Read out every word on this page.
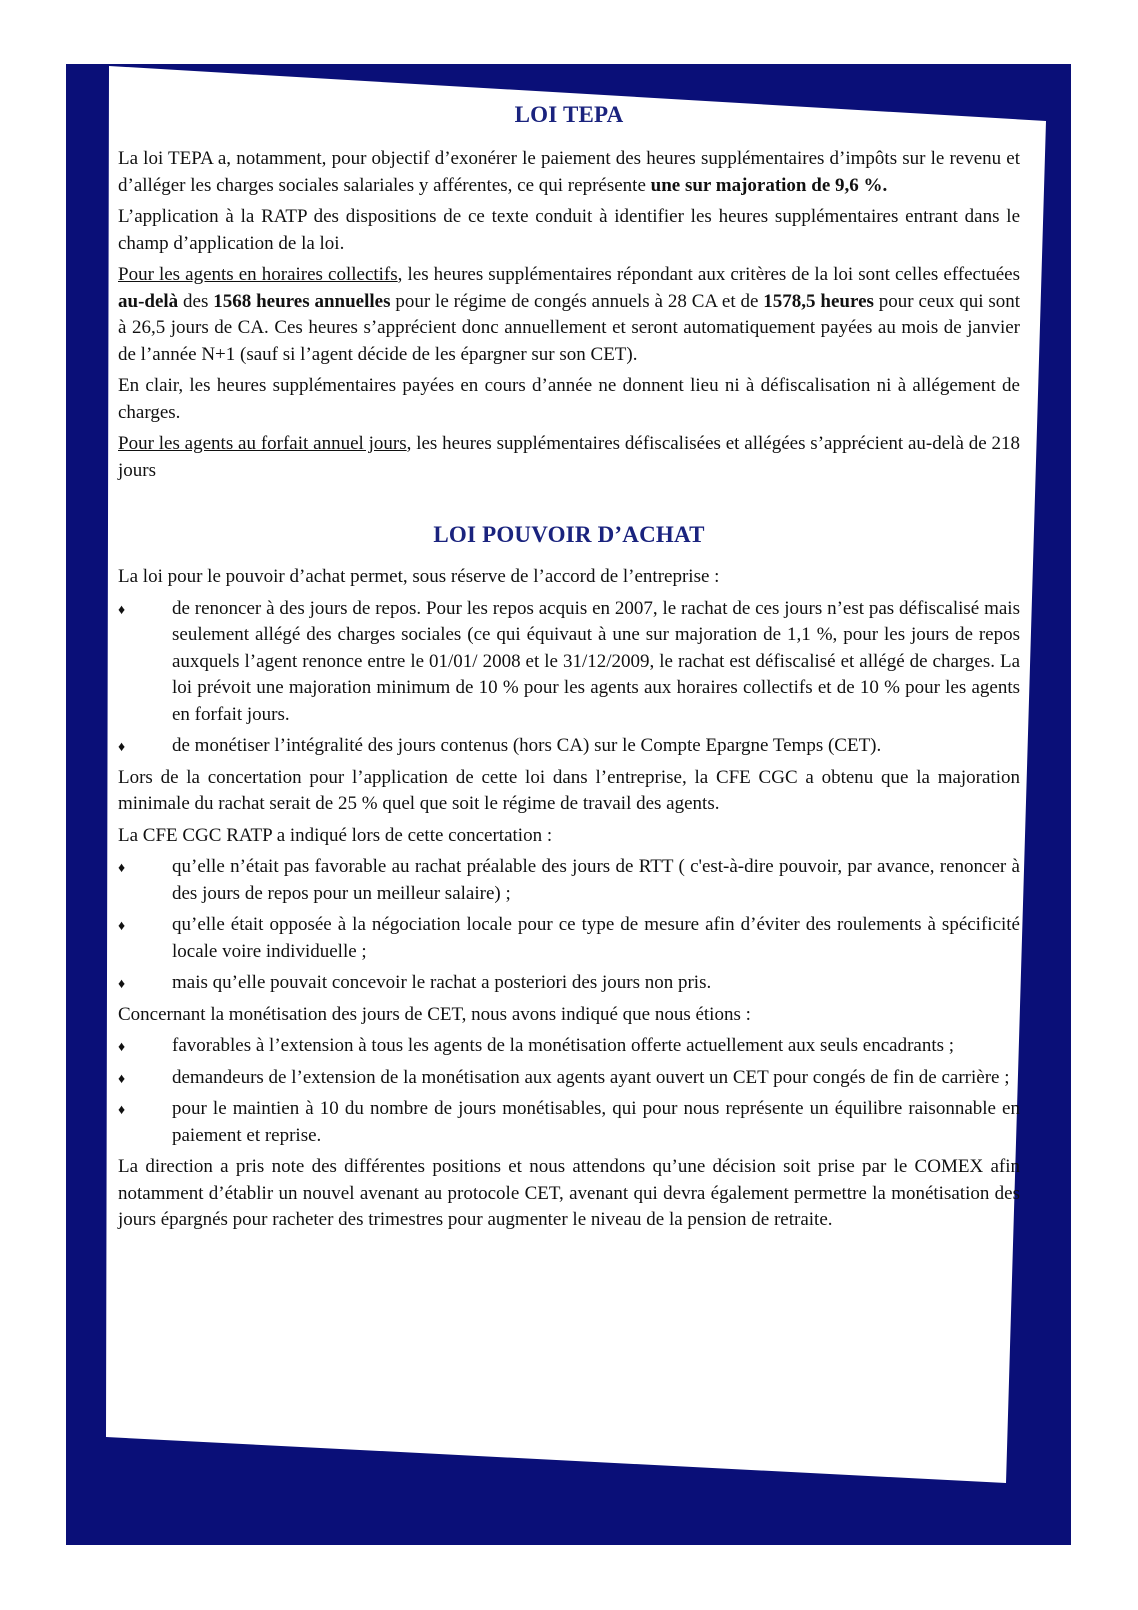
LOI TEPA

La loi TEPA a, notamment, pour objectif d’exonérer le paiement des heures supplémentaires d’impôts sur le revenu et d’alléger les charges sociales salariales y afférentes, ce qui représente une sur majoration de 9,6 %.

L’application à la RATP des dispositions de ce texte conduit à identifier les heures supplémentaires entrant dans le champ d’application de la loi.

Pour les agents en horaires collectifs, les heures supplémentaires répondant aux critères de la loi sont celles effectuées au-delà des 1568 heures annuelles pour le régime de congés annuels à 28 CA et de 1578,5 heures pour ceux qui sont à 26,5 jours de CA. Ces heures s’apprécient donc annuellement et seront automatiquement payées au mois de janvier de l’année N+1 (sauf si l’agent décide de les épargner sur son CET).

En clair, les heures supplémentaires payées en cours d’année ne donnent lieu ni à défiscalisation ni à allégement de charges.

Pour les agents au forfait annuel jours, les heures supplémentaires défiscalisées et allégées s’apprécient au-delà de 218 jours

LOI POUVOIR D’ACHAT

La loi pour le pouvoir d’achat permet, sous réserve de l’accord de l’entreprise :

♦ de renoncer à des jours de repos. Pour les repos acquis en 2007, le rachat de ces jours n’est pas défiscalisé mais seulement allégé des charges sociales (ce qui équivaut à une sur majoration de 1,1 %, pour les jours de repos auxquels l’agent renonce entre le 01/01/ 2008 et le 31/12/2009, le rachat est défiscalisé et allégé de charges. La loi prévoit une majoration minimum de 10 % pour les agents aux horaires collectifs et de 10 % pour les agents en forfait jours.
♦ de monétiser l’intégralité des jours contenus (hors CA) sur le Compte Epargne Temps (CET).

Lors de la concertation pour l’application de cette loi dans l’entreprise, la CFE CGC a obtenu que la majoration minimale du rachat serait de 25 % quel que soit le régime de travail des agents.

La CFE CGC RATP a indiqué lors de cette concertation :

♦ qu’elle n’était pas favorable au rachat préalable des jours de RTT ( c'est-à-dire pouvoir, par avance, renoncer à des jours de repos pour un meilleur salaire) ;
♦ qu’elle était opposée à la négociation locale pour ce type de mesure afin d’éviter des roulements à spécificité locale voire individuelle ;
♦ mais qu’elle pouvait concevoir le rachat a posteriori des jours non pris.

Concernant la monétisation des jours de CET, nous avons indiqué que nous étions :

♦ favorables à l’extension à tous les agents de la monétisation offerte actuellement aux seuls encadrants ;
♦ demandeurs de l’extension de la monétisation aux agents ayant ouvert un CET pour congés de fin de carrière ;
♦ pour le maintien à 10 du nombre de jours monétisables, qui pour nous représente un équilibre raisonnable en paiement et reprise.

La direction a pris note des différentes positions et nous attendons qu’une décision soit prise par le COMEX afin notamment d’établir un nouvel avenant au protocole CET, avenant qui devra également permettre la monétisation des jours épargnés pour racheter des trimestres pour augmenter le niveau de la pension de retraite.
